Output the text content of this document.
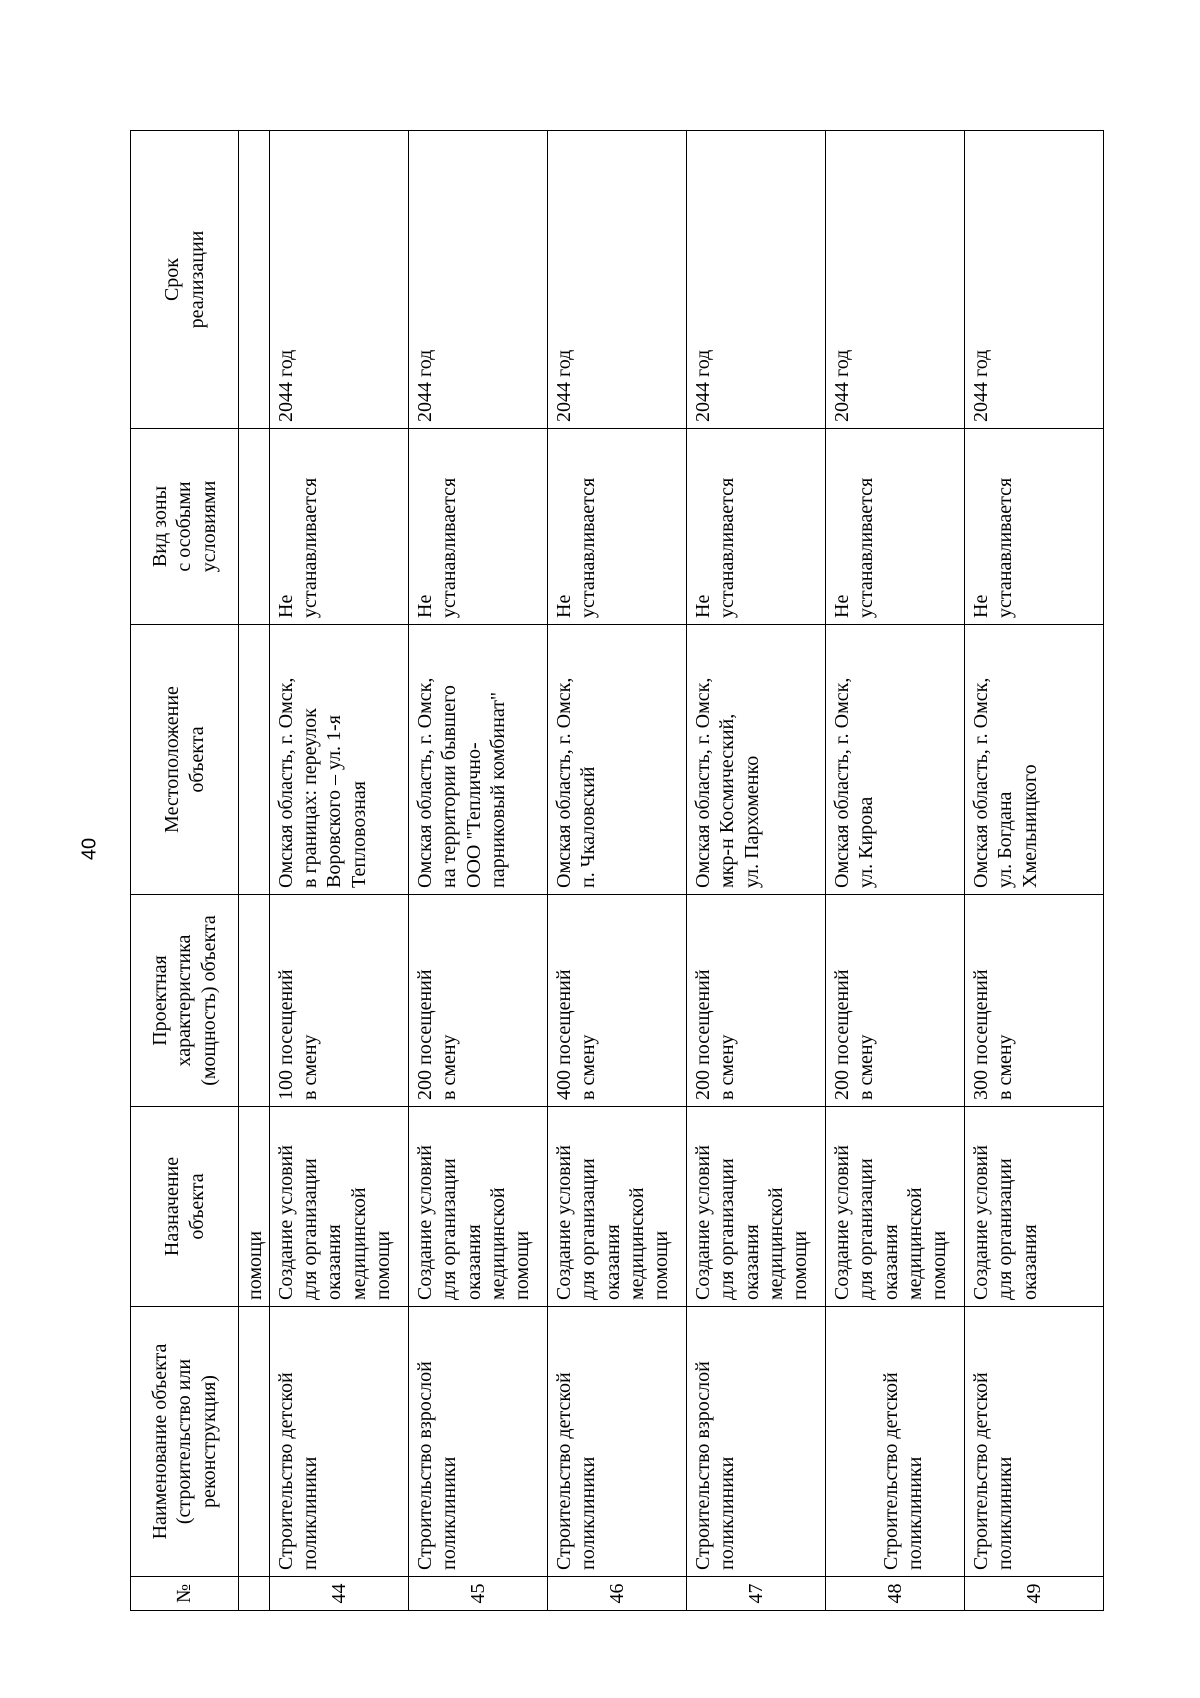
40
№	Наименование объекта
(строительство или
реконструкция)	Назначение
объекта	Проектная
характеристика
(мощность) объекта	Местоположение
объекта	Вид зоны
с особыми
условиями	Срок
реализации
		помощи				
44	Строительство детской
поликлиники	Создание условий
для организации
оказания
медицинской
помощи	100 посещений
в смену	Омская область, г. Омск,
в границах: переулок
Воровского – ул. 1-я
Тепловозная	Не
устанавливается	2044 год
45	Строительство взрослой
поликлиники	Создание условий
для организации
оказания
медицинской
помощи	200 посещений
в смену	Омская область, г. Омск,
на территории бывшего
ООО "Тепличнo-
парниковый комбинат"	Не
устанавливается	2044 год
46	Строительство детской
поликлиники	Создание условий
для организации
оказания
медицинской
помощи	400 посещений
в смену	Омская область, г. Омск,
п. Чкаловский	Не
устанавливается	2044 год
47	Строительство взрослой
поликлиники	Создание условий
для организации
оказания
медицинской
помощи	200 посещений
в смену	Омская область, г. Омск,
мкр-н Космический,
ул. Пархоменко	Не
устанавливается	2044 год
48	

Строительство детской
поликлиники	Создание условий
для организации
оказания
медицинской
помощи	200 посещений
в смену	Омская область, г. Омск,
ул. Кирова	Не
устанавливается	2044 год
49	Строительство детской
поликлиники	Создание условий
для организации
оказания	300 посещений
в смену	Омская область, г. Омск,
ул. Богдана
Хмельницкого	Не
устанавливается	2044 год
